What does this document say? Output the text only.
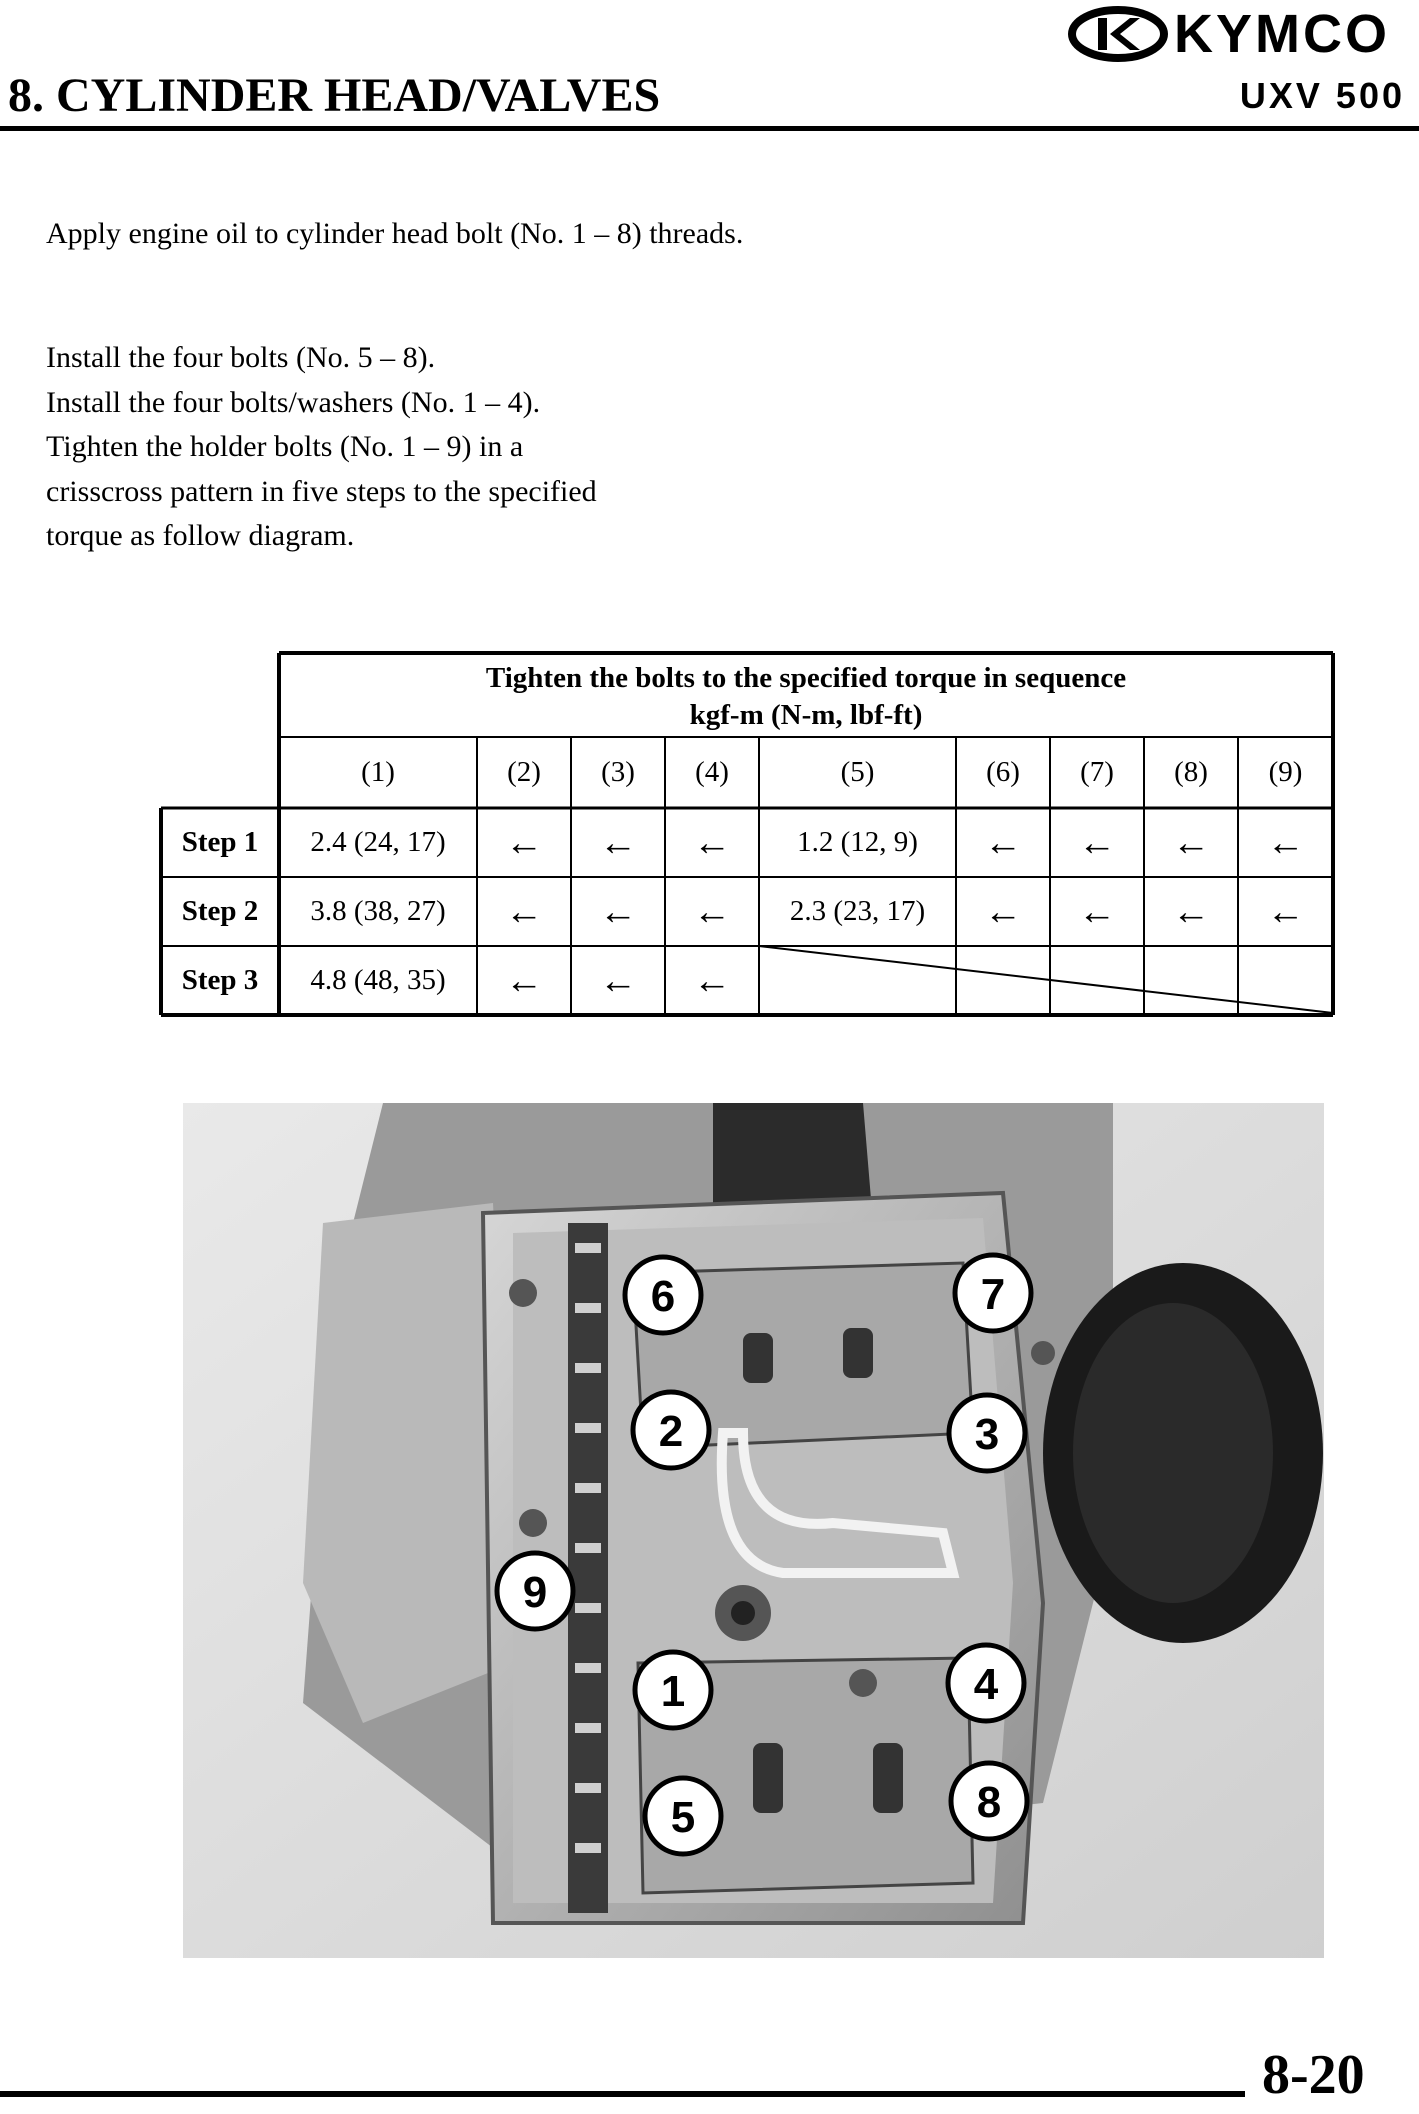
KYMCO
8. CYLINDER HEAD/VALVES	UXV 500
Apply engine oil to cylinder head bolt (No. 1 – 8) threads.
Install the four bolts (No. 5 – 8).
Install the four bolts/washers (No. 1 – 4).
Tighten the holder bolts (No. 1 – 9) in a
crisscross pattern in five steps to the specified
torque as follow diagram.
Tighten the bolts to the specified torque in sequence
kgf-m (N-m, lbf-ft)
(1)	(2)	(3)	(4)	(5)	(6)	(7)	(8)	(9)
Step 1	2.4 (24, 17)	←	←	←	1.2 (12, 9)	←	←	←	←
Step 2	3.8 (38, 27)	←	←	←	2.3 (23, 17)	←	←	←	←
Step 3	4.8 (48, 35)	←	←	←
6	7
2	3
9
1	4
5	8
8-20
